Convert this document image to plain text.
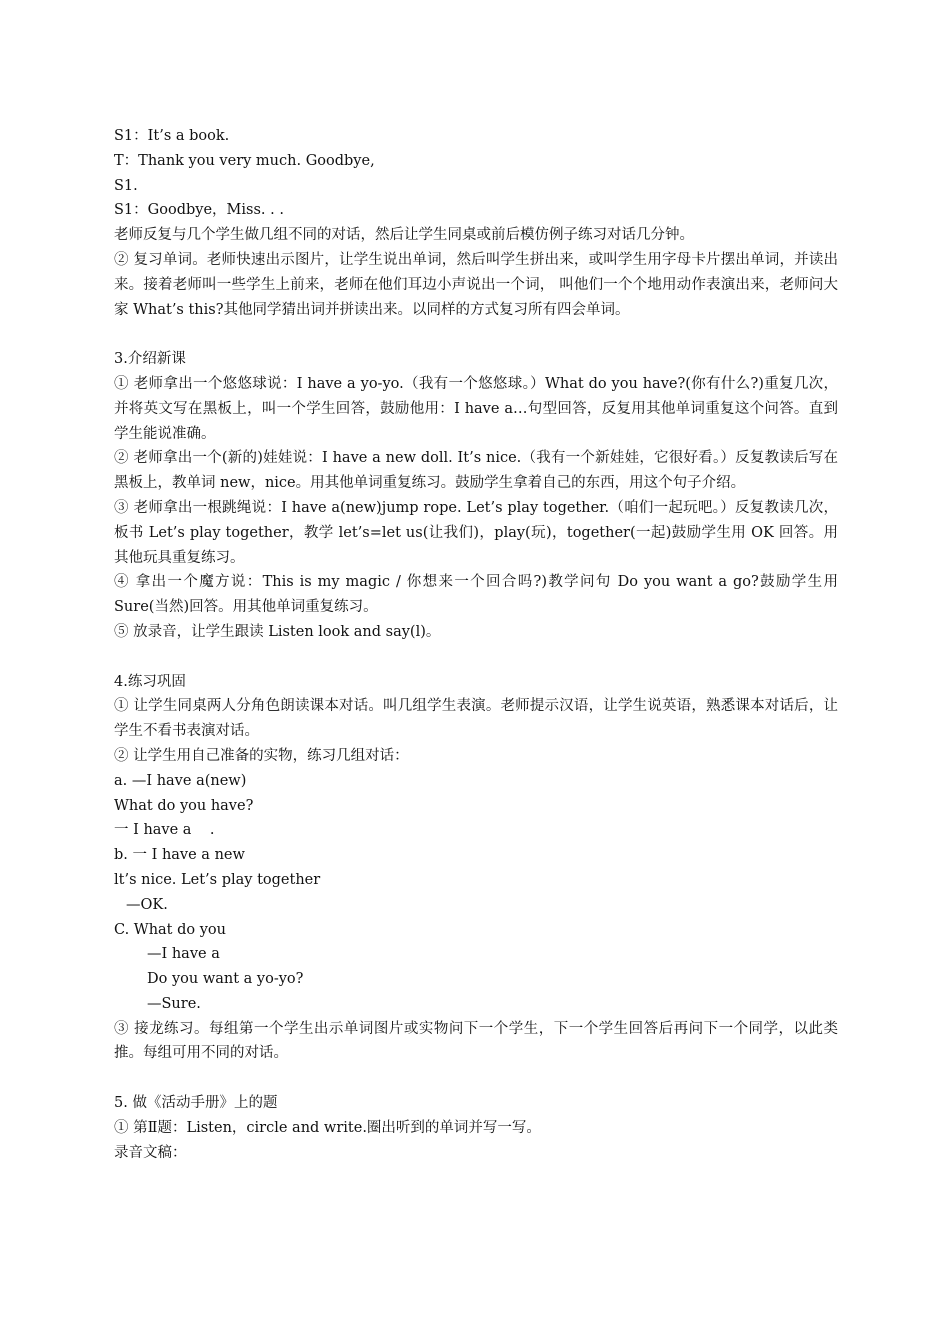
S1：It’s a book.
T：Thank you very much. Goodbye,
S1.
S1：Goodbye，Miss. . .
老师反复与几个学生做几组不同的对话，然后让学生同桌或前后模仿例子练习对话几分钟。
② 复习单词。老师快速出示图片，让学生说出单词，然后叫学生拼出来，或叫学生用字母卡片摆出单词，并读出来。接着老师叫一些学生上前来，老师在他们耳边小声说出一个词， 叫他们一个个地用动作表演出来，老师问大家 What’s this?其他同学猜出词并拼读出来。以同样的方式复习所有四会单词。
3.介绍新课
① 老师拿出一个悠悠球说：I have a yo-yo.（我有一个悠悠球。）What do you have?(你有什么?)重复几次，并将英文写在黑板上，叫一个学生回答，鼓励他用：I have a…句型回答，反复用其他单词重复这个问答。直到学生能说准确。
② 老师拿出一个(新的)娃娃说：I have a new doll. It’s nice.（我有一个新娃娃，它很好看。）反复教读后写在黑板上，教单词 new，nice。用其他单词重复练习。鼓励学生拿着自己的东西，用这个句子介绍。
③ 老师拿出一根跳绳说：I have a(new)jump rope. Let’s play together.（咱们一起玩吧。）反复教读几次，板书 Let’s play together，教学 let’s=let us(让我们)，play(玩)，together(一起)鼓励学生用 OK 回答。用其他玩具重复练习。
④ 拿出一个魔方说：This is my magic / 你想来一个回合吗?)教学问句 Do you want a go?鼓励学生用 Sure(当然)回答。用其他单词重复练习。
⑤ 放录音，让学生跟读 Listen look and say(l)。
4.练习巩固
① 让学生同桌两人分角色朗读课本对话。叫几组学生表演。老师提示汉语，让学生说英语，熟悉课本对话后，让学生不看书表演对话。
② 让学生用自己准备的实物，练习几组对话：
a. —I have a(new)
What do you have?
一 I have a    .
b. 一 I have a new
lt’s nice. Let’s play together
—OK.
C. What do you
—I have a
Do you want a yo-yo?
—Sure.
③ 接龙练习。每组第一个学生出示单词图片或实物问下一个学生，下一个学生回答后再问下一个同学，以此类推。每组可用不同的对话。
5. 做《活动手册》上的题
① 第Ⅱ题：Listen，circle and write.圈出听到的单词并写一写。
录音文稿：
